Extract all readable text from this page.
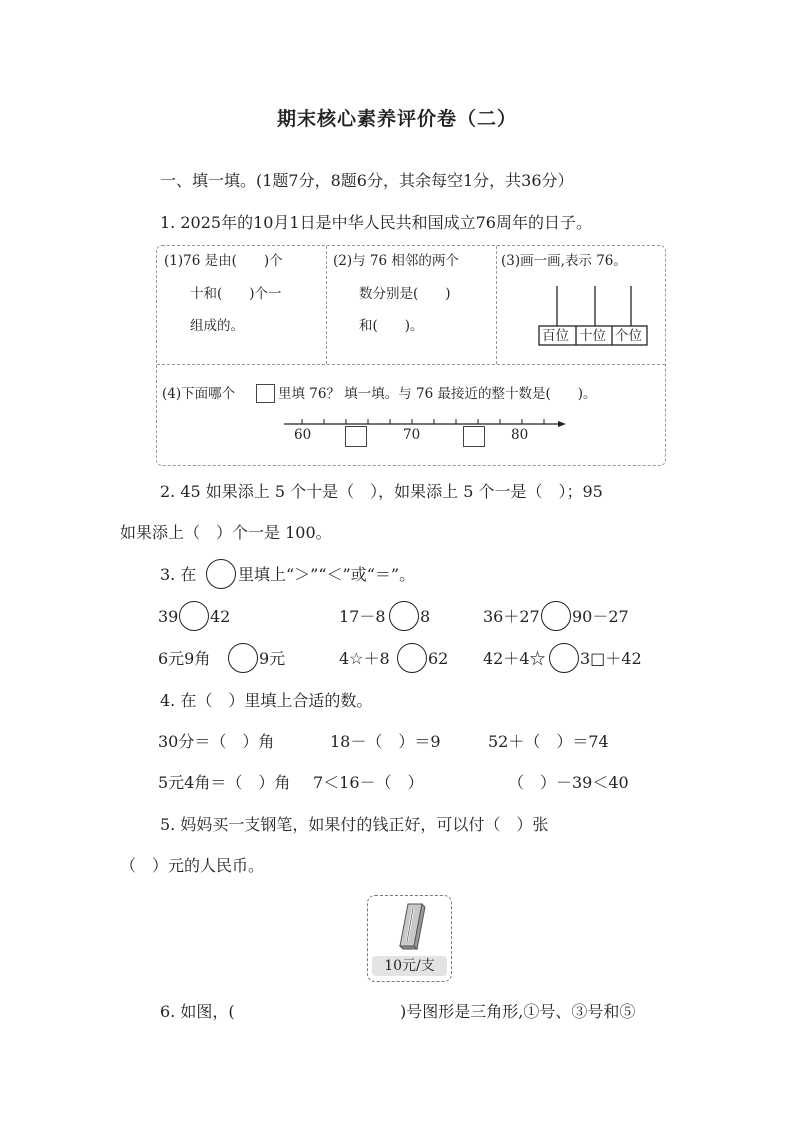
期末核心素养评价卷（二）
一、填一填。(1题7分，8题6分，其余每空1分，共36分）
1. 2025年的10月1日是中华人民共和国成立76周年的日子。
(1)76 是由(　　)个
十和(　　)个一
组成的。
(2)与 76 相邻的两个
数分别是(　　)
和(　　)。
(3)画一画,表示 76。
百位 十位 个位
(4)下面哪个	里填 76？ 填一填。与 76 最接近的整十数是(　　)。
60	70	80
2. 45 如果添上 5 个十是（　），如果添上 5 个一是（　）；95
如果添上（　）个一是 100。
3. 在	里填上“＞”“＜”或“＝”。
39 42	17－8 8	36＋27 90－27
6元9角	9元	4☆＋8 62 42＋4☆ 3□＋42
4. 在（　）里填上合适的数。
30分＝（　）角	18－（　）＝9	52＋（　）＝74
5元4角＝（　）角 7＜16－（　）	（　）－39＜40
5. 妈妈买一支钢笔，如果付的钱正好，可以付（　）张
（　）元的人民币。
10元/支
6. 如图，(	)号图形是三角形,①号、③号和⑤
